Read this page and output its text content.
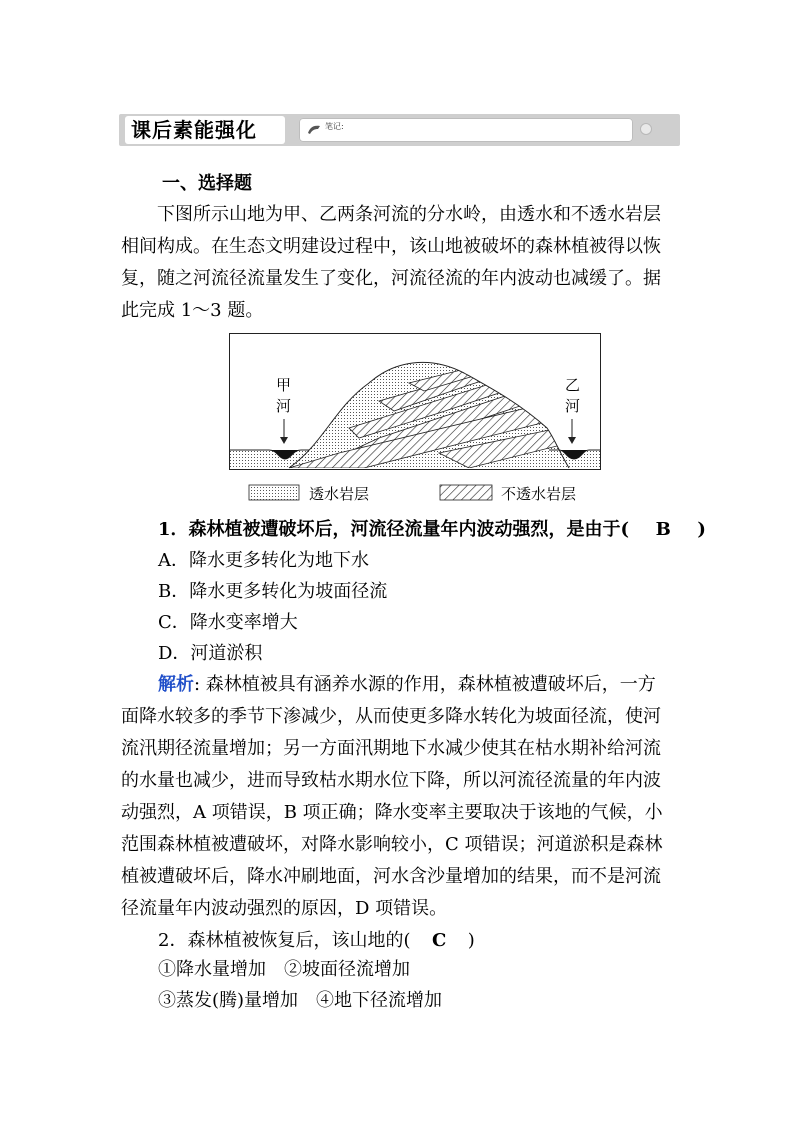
课后素能强化	笔记:
一、选择题
下图所示山地为甲、乙两条河流的分水岭，由透水和不透水岩层
相间构成。在生态文明建设过程中，该山地被破坏的森林植被得以恢
复，随之河流径流量发生了变化，河流径流的年内波动也减缓了。据
此完成 1～3 题。
甲
河
乙
河
透水岩层	不透水岩层
1．森林植被遭破坏后，河流径流量年内波动强烈，是由于( B )
A．降水更多转化为地下水
B．降水更多转化为坡面径流
C．降水变率增大
D．河道淤积
解析: 森林植被具有涵养水源的作用，森林植被遭破坏后，一方
面降水较多的季节下渗减少，从而使更多降水转化为坡面径流，使河
流汛期径流量增加；另一方面汛期地下水减少使其在枯水期补给河流
的水量也减少，进而导致枯水期水位下降，所以河流径流量的年内波
动强烈，A 项错误，B 项正确；降水变率主要取决于该地的气候，小
范围森林植被遭破坏，对降水影响较小，C 项错误；河道淤积是森林
植被遭破坏后，降水冲刷地面，河水含沙量增加的结果，而不是河流
径流量年内波动强烈的原因，D 项错误。
2．森林植被恢复后，该山地的( C )
①降水量增加　②坡面径流增加
③蒸发(腾)量增加　④地下径流增加
